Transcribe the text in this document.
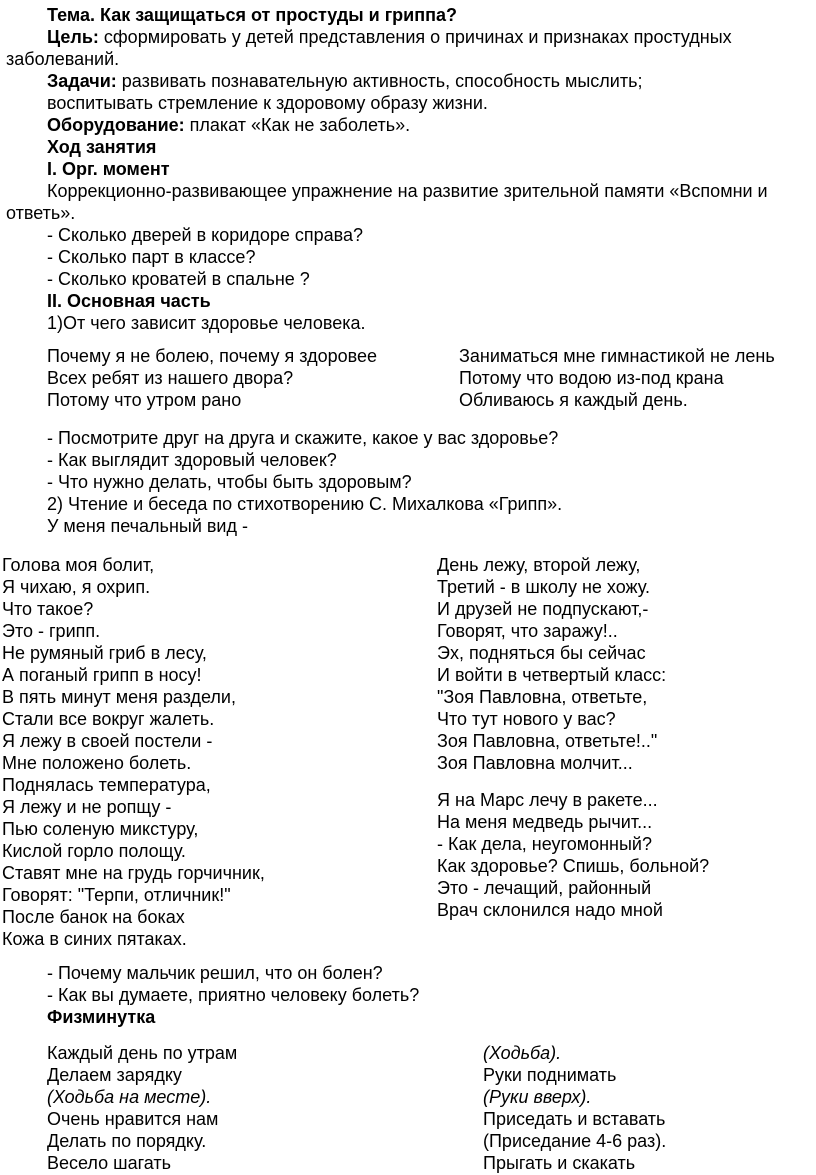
Тема. Как защищаться от простуды и гриппа?
Цель: сформировать у детей представления о причинах и признаках простудных
заболеваний.
Задачи: развивать познавательную активность, способность мыслить;
воспитывать стремление к здоровому образу жизни.
Оборудование: плакат «Как не заболеть».
Ход занятия
I. Орг. момент
Коррекционно-развивающее упражнение на развитие зрительной памяти «Вспомни и
ответь».
- Сколько дверей в коридоре справа?
- Сколько парт в классе?
- Сколько кроватей в спальне ?
II. Основная часть
1)От чего зависит здоровье человека.
Почему я не болею, почему я здоровее
Всех ребят из нашего двора?
Потому что утром рано
Заниматься мне гимнастикой не лень
Потому что водою из-под крана
Обливаюсь я каждый день.
- Посмотрите друг на друга и скажите, какое у вас здоровье?
- Как выглядит здоровый человек?
- Что нужно делать, чтобы быть здоровым?
2) Чтение и беседа по стихотворению С. Михалкова «Грипп».
У меня печальный вид -
Голова моя болит,
Я чихаю, я охрип.
Что такое?
Это - грипп.
Не румяный гриб в лесу,
А поганый грипп в носу!
В пять минут меня раздели,
Стали все вокруг жалеть.
Я лежу в своей постели -
Мне положено болеть.
Поднялась температура,
Я лежу и не ропщу -
Пью соленую микстуру,
Кислой горло полощу.
Ставят мне на грудь горчичник,
Говорят: "Терпи, отличник!"
После банок на боках
Кожа в синих пятаках.
День лежу, второй лежу,
Третий - в школу не хожу.
И друзей не подпускают,-
Говорят, что заражу!..
Эх, подняться бы сейчас
И войти в четвертый класс:
"Зоя Павловна, ответьте,
Что тут нового у вас?
Зоя Павловна, ответьте!.."
Зоя Павловна молчит...
Я на Марс лечу в ракете...
На меня медведь рычит...
- Как дела, неугомонный?
Как здоровье? Спишь, больной?
Это - лечащий, районный
Врач склонился надо мной
- Почему мальчик решил, что он болен?
- Как вы думаете, приятно человеку болеть?
Физминутка
Каждый день по утрам
Делаем зарядку
(Ходьба на месте).
Очень нравится нам
Делать по порядку.
Весело шагать
(Ходьба).
Руки поднимать
(Руки вверх).
Приседать и вставать
(Приседание 4-6 раз).
Прыгать и скакать
